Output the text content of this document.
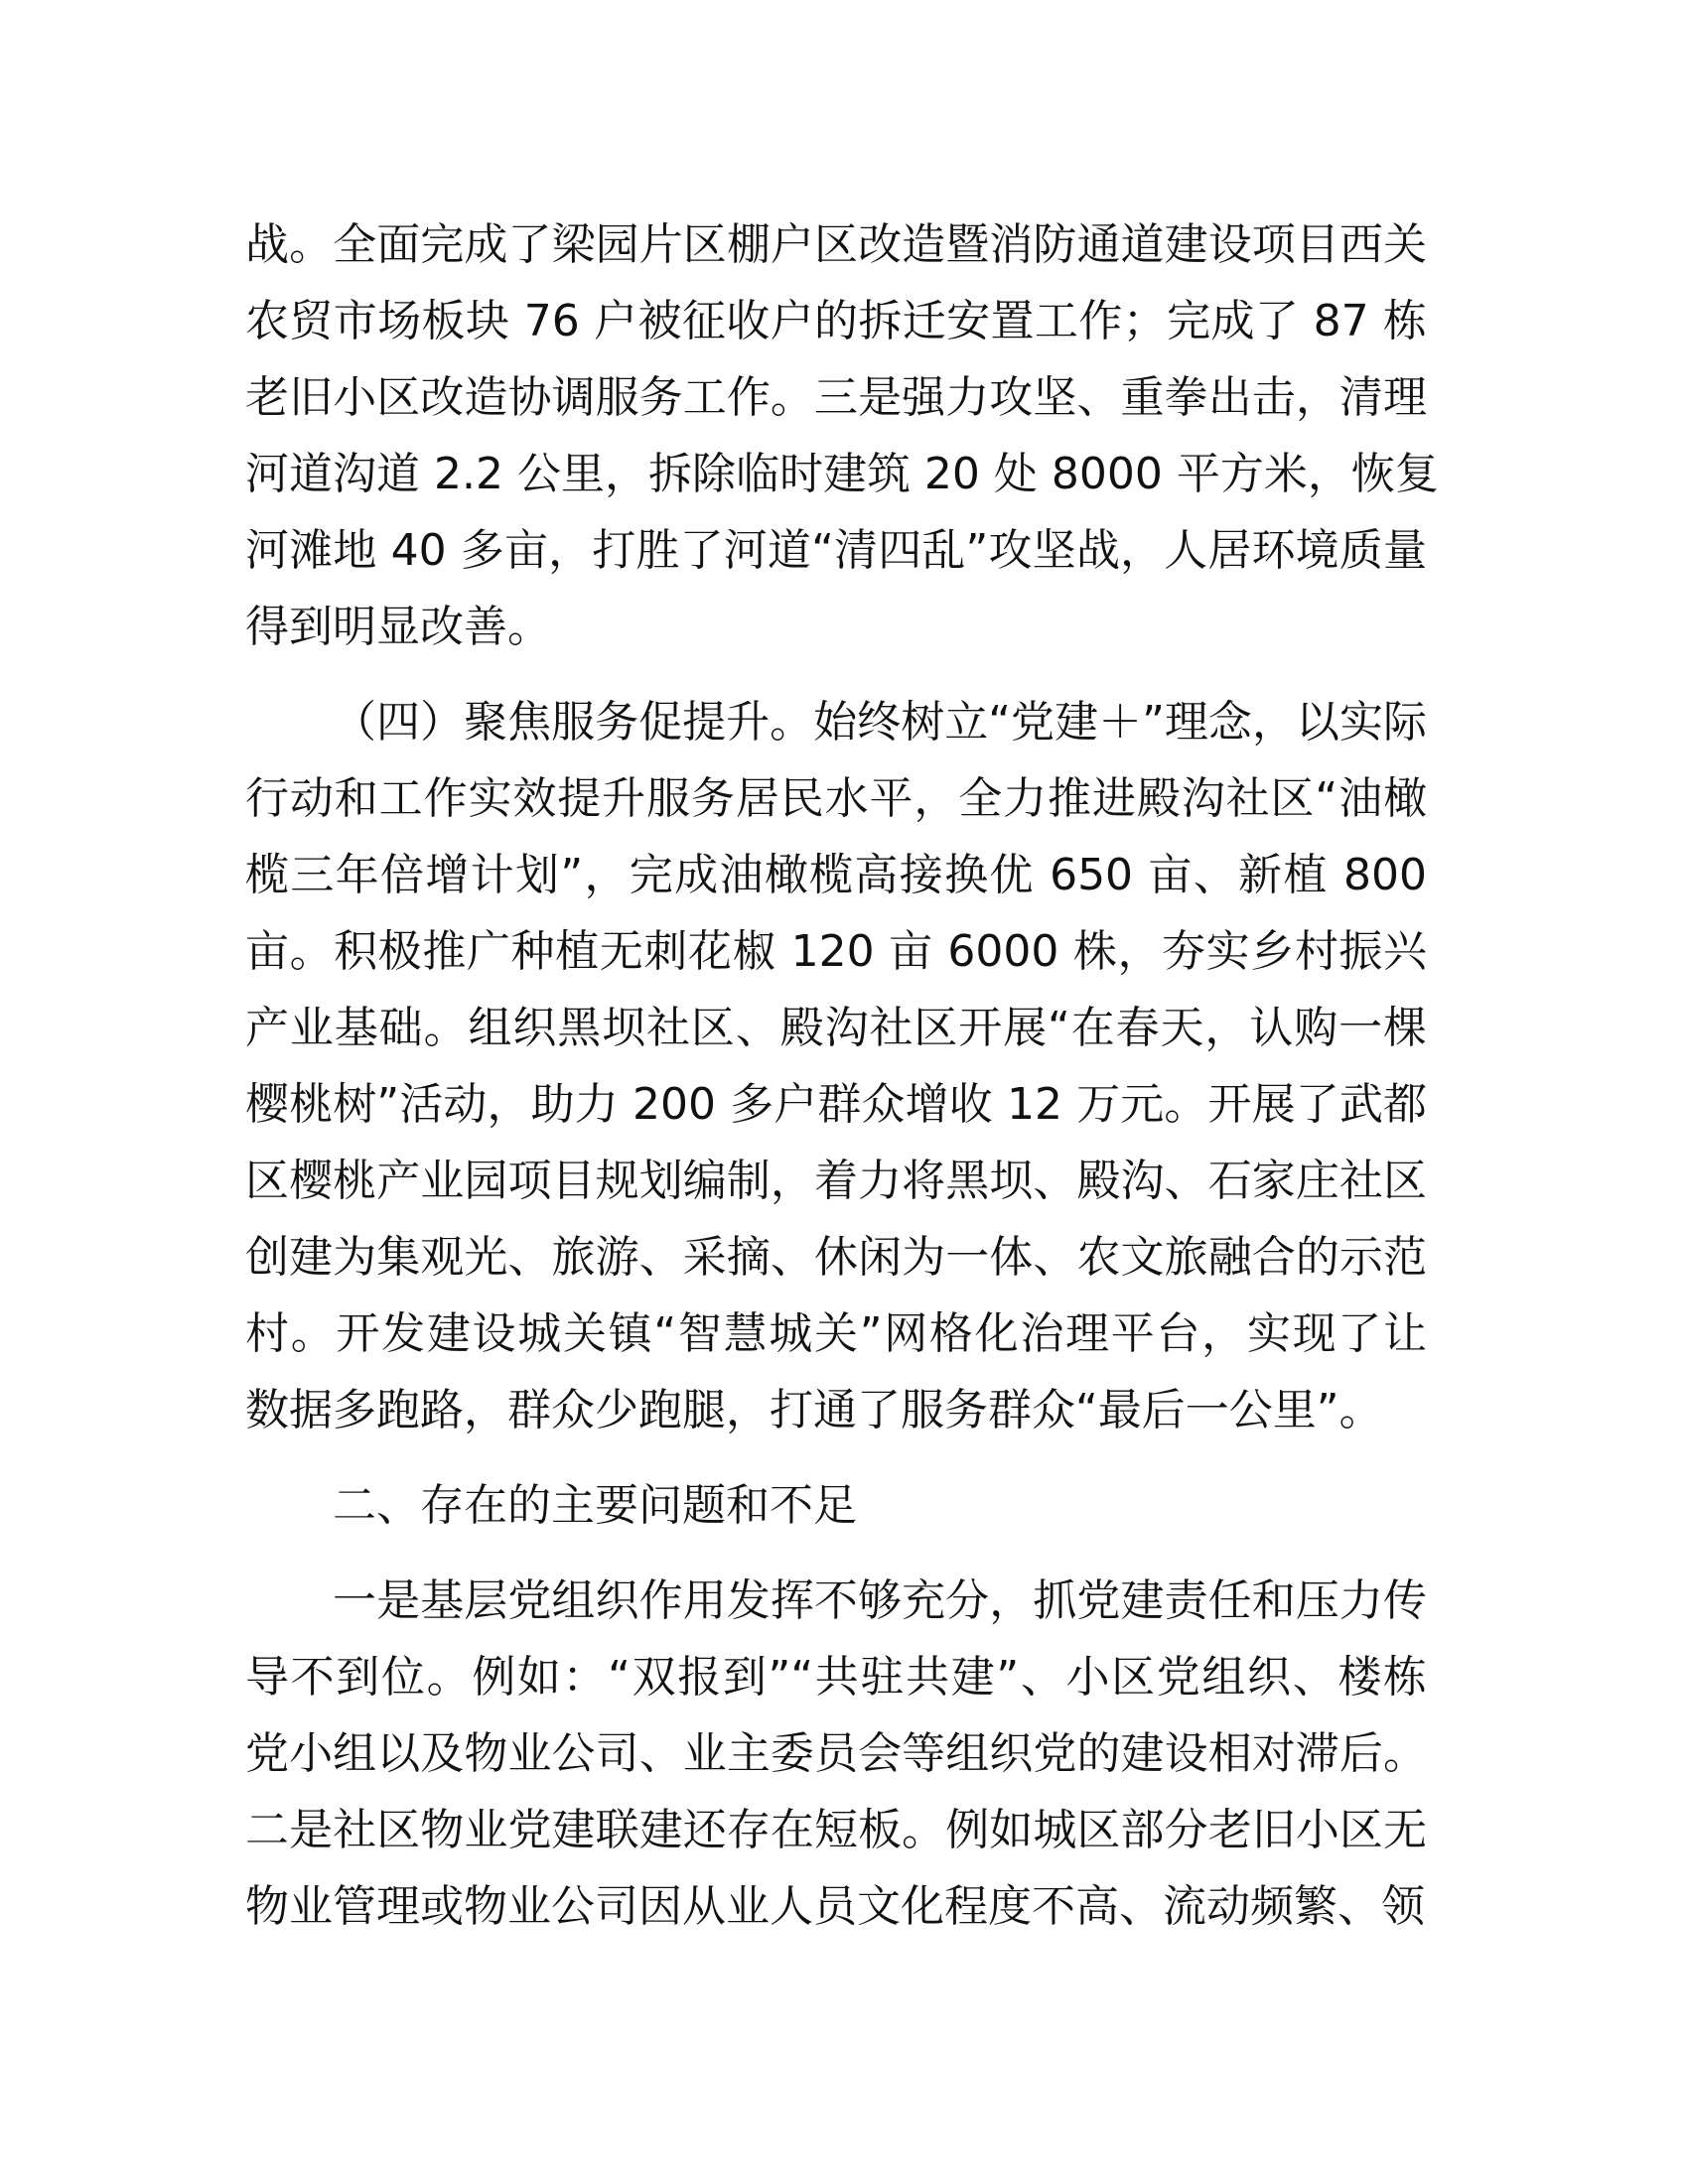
战。全面完成了梁园片区棚户区改造暨消防通道建设项目西关
农贸市场板块 76 户被征收户的拆迁安置工作；完成了 87 栋
老旧小区改造协调服务工作。三是强力攻坚、重拳出击，清理
河道沟道 2.2 公里，拆除临时建筑 20 处 8000 平方米，恢复
河滩地 40 多亩，打胜了河道“清四乱”攻坚战，人居环境质量
得到明显改善。
（四）聚焦服务促提升。始终树立“党建＋”理念，以实际
行动和工作实效提升服务居民水平，全力推进殿沟社区“油橄
榄三年倍增计划”，完成油橄榄高接换优 650 亩、新植 800
亩。积极推广种植无刺花椒 120 亩 6000 株，夯实乡村振兴
产业基础。组织黑坝社区、殿沟社区开展“在春天，认购一棵
樱桃树”活动，助力 200 多户群众增收 12 万元。开展了武都
区樱桃产业园项目规划编制，着力将黑坝、殿沟、石家庄社区
创建为集观光、旅游、采摘、休闲为一体、农文旅融合的示范
村。开发建设城关镇“智慧城关”网格化治理平台，实现了让
数据多跑路，群众少跑腿，打通了服务群众“最后一公里”。
二、存在的主要问题和不足
一是基层党组织作用发挥不够充分，抓党建责任和压力传
导不到位。例如：“双报到”“共驻共建”、小区党组织、楼栋
党小组以及物业公司、业主委员会等组织党的建设相对滞后。
二是社区物业党建联建还存在短板。例如城区部分老旧小区无
物业管理或物业公司因从业人员文化程度不高、流动频繁、领
